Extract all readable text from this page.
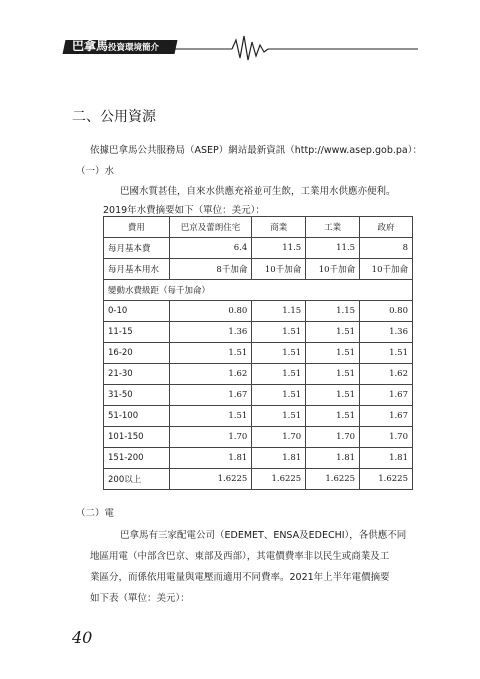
巴拿馬投資環境簡介
二、公用資源
依據巴拿馬公共服務局（ASEP）網站最新資訊（http://www.asep.gob.pa）：
（一）水
巴國水質甚佳，自來水供應充裕並可生飲，工業用水供應亦便利。
2019年水費摘要如下（單位：美元）：
費用	巴京及蕾朗住宅	商業	工業	政府
每月基本費	6.4	11.5	11.5	8
每月基本用水	8千加侖	10千加侖	10千加侖	10千加侖
變動水費級距（每千加侖）				
0-10	0.80	1.15	1.15	0.80
11-15	1.36	1.51	1.51	1.36
16-20	1.51	1.51	1.51	1.51
21-30	1.62	1.51	1.51	1.62
31-50	1.67	1.51	1.51	1.67
51-100	1.51	1.51	1.51	1.67
101-150	1.70	1.70	1.70	1.70
151-200	1.81	1.81	1.81	1.81
200以上	1.6225	1.6225	1.6225	1.6225
（二）電
巴拿馬有三家配電公司（EDEMET、ENSA及EDECHI），各供應不同
地區用電（中部含巴京、東部及西部），其電價費率非以民生或商業及工
業區分，而係依用電量與電壓而適用不同費率。2021年上半年電價摘要
如下表（單位：美元）：
40
